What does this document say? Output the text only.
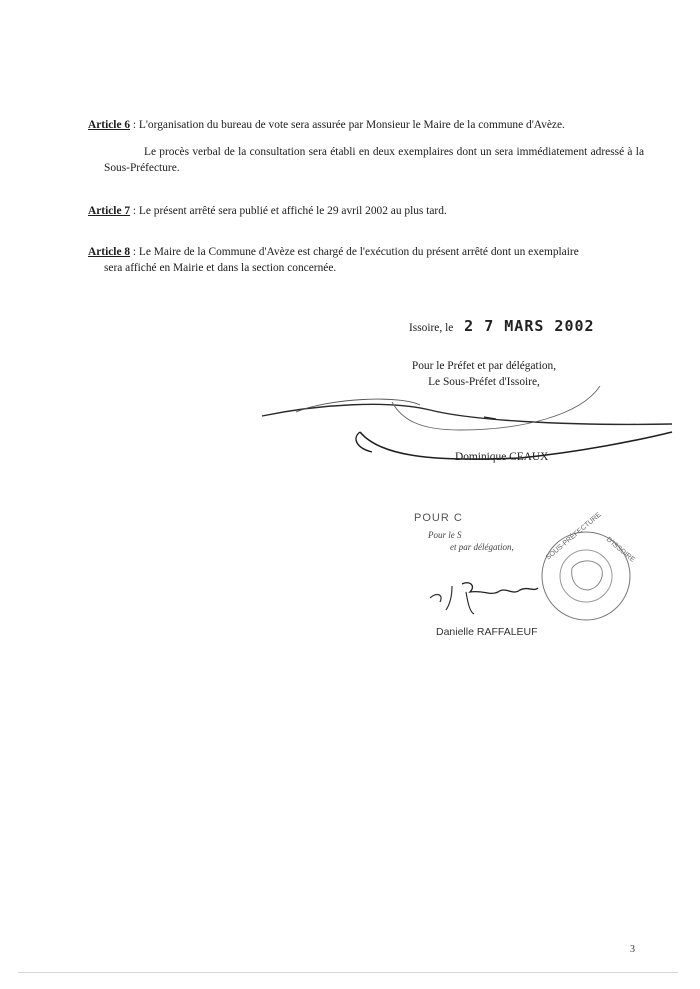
Article 6 : L'organisation du bureau de vote sera assurée par Monsieur le Maire de la commune d'Avèze.
Le procès verbal de la consultation sera établi en deux exemplaires dont un sera immédiatement adressé à la Sous-Préfecture.
Article 7 : Le présent arrêté sera publié et affiché le 29 avril 2002 au plus tard.
Article 8 : Le Maire de la Commune d'Avèze est chargé de l'exécution du présent arrêté dont un exemplaire
sera affiché en Mairie et dans la section concernée.
Issoire, le 2 7 MARS 2002
Pour le Préfet et par délégation,
Le Sous-Préfet d'Issoire,
Dominique CEAUX
POUR C
Pour le S
et par délégation,	SOUS-PRÉFECTURE D'ISSOIRE
Danielle RAFFALEUF
3
